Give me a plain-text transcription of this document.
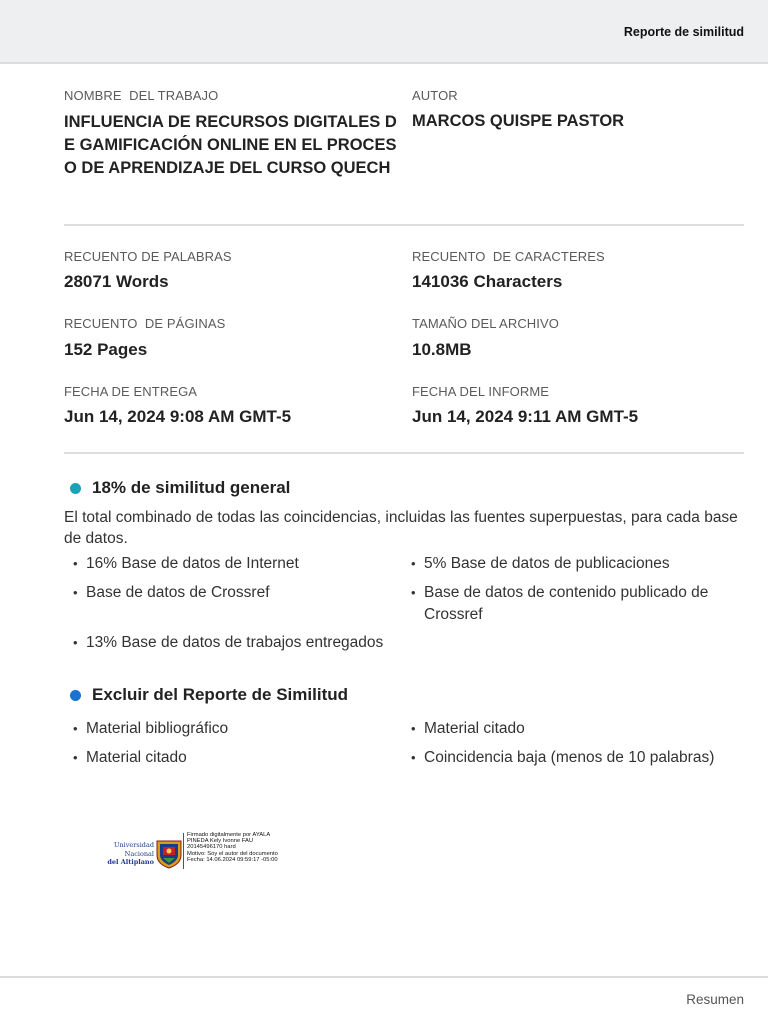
Reporte de similitud
NOMBRE  DEL TRABAJO
INFLUENCIA DE RECURSOS DIGITALES DE GAMIFICACIÓN ONLINE EN EL PROCESO DE APRENDIZAJE DEL CURSO QUECH
AUTOR
MARCOS QUISPE PASTOR
RECUENTO DE PALABRAS
28071 Words
RECUENTO  DE CARACTERES
141036 Characters
RECUENTO  DE PÁGINAS
152 Pages
TAMAÑO DEL ARCHIVO
10.8MB
FECHA DE ENTREGA
Jun 14, 2024 9:08 AM GMT-5
FECHA DEL INFORME
Jun 14, 2024 9:11 AM GMT-5
18% de similitud general
El total combinado de todas las coincidencias, incluidas las fuentes superpuestas, para cada base de datos.
• 16% Base de datos de Internet	• 5% Base de datos de publicaciones
• Base de datos de Crossref	• Base de datos de contenido publicado de Crossref
• 13% Base de datos de trabajos entregados
Excluir del Reporte de Similitud
• Material bibliográfico	• Material citado
• Material citado	• Coincidencia baja (menos de 10 palabras)
Universidad
Nacional
del Altiplano
Firmado digitalmente por AYALA
PINEDA Kely Ivonne FAU
20145496170 hard
Motivo: Soy el autor del documento
Fecha: 14.06.2024 09:59:17 -05:00
Resumen
